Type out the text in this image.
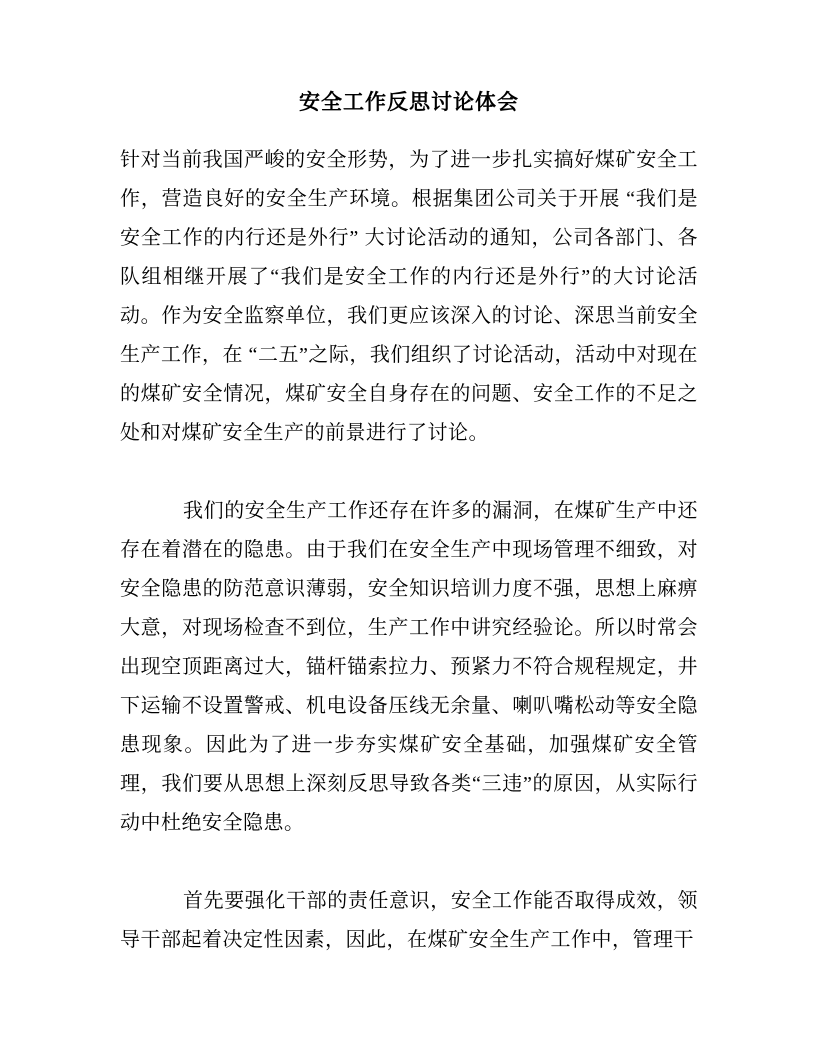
安全工作反思讨论体会

针对当前我国严峻的安全形势，为了进一步扎实搞好煤矿安全工作，营造良好的安全生产环境。根据集团公司关于开展 “我们是安全工作的内行还是外行” 大讨论活动的通知，公司各部门、各队组相继开展了“我们是安全工作的内行还是外行”的大讨论活动。作为安全监察单位，我们更应该深入的讨论、深思当前安全生产工作，在 “二五”之际，我们组织了讨论活动，活动中对现在的煤矿安全情况，煤矿安全自身存在的问题、安全工作的不足之处和对煤矿安全生产的前景进行了讨论。

我们的安全生产工作还存在许多的漏洞，在煤矿生产中还存在着潜在的隐患。由于我们在安全生产中现场管理不细致，对安全隐患的防范意识薄弱，安全知识培训力度不强，思想上麻痹大意，对现场检查不到位，生产工作中讲究经验论。所以时常会出现空顶距离过大，锚杆锚索拉力、预紧力不符合规程规定，井下运输不设置警戒、机电设备压线无余量、喇叭嘴松动等安全隐患现象。因此为了进一步夯实煤矿安全基础，加强煤矿安全管理，我们要从思想上深刻反思导致各类“三违”的原因，从实际行动中杜绝安全隐患。

首先要强化干部的责任意识，安全工作能否取得成效，领导干部起着决定性因素，因此，在煤矿安全生产工作中，管理干
